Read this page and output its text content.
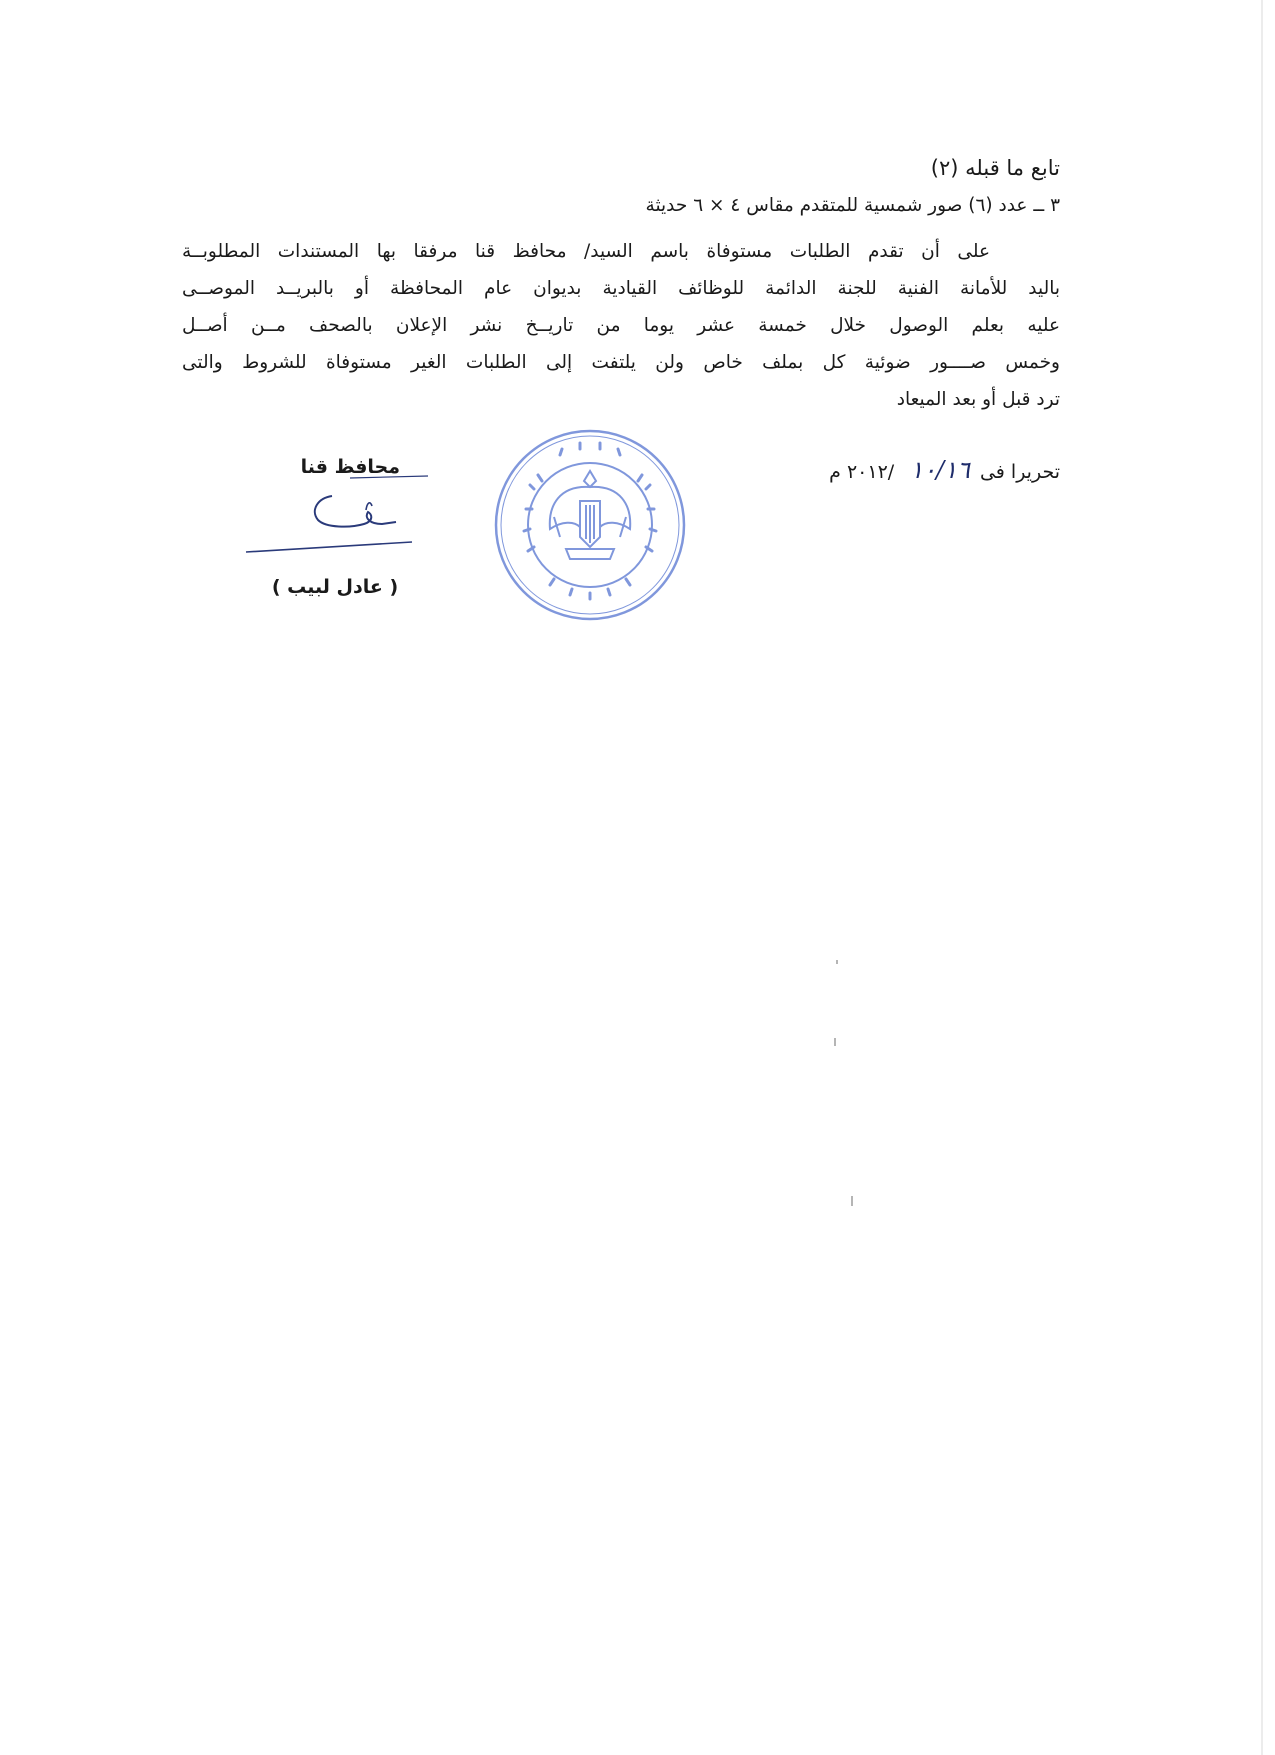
تابع ما قبله (٢)
٣ ــ عدد (٦) صور شمسية للمتقدم مقاس ٤ × ٦ حديثة
على أن تقدم الطلبات مستوفاة باسم السيد/ محافظ قنا مرفقا بها المستندات المطلوبــة
باليد للأمانة الفنية للجنة الدائمة للوظائف القيادية بديوان عام المحافظة أو بالبريــد الموصــى
عليه بعلم الوصول خلال خمسة عشر يوما من تاريــخ نشر الإعلان بالصحف مــن أصــل
وخمس صــــور ضوئية كل بملف خاص ولن يلتفت إلى الطلبات الغير مستوفاة للشروط والتى
ترد قبل أو بعد الميعاد
تحريرا فى ١٠/١٦ /٢٠١٢ م
محافظ قنا
( عادل لبيب )
